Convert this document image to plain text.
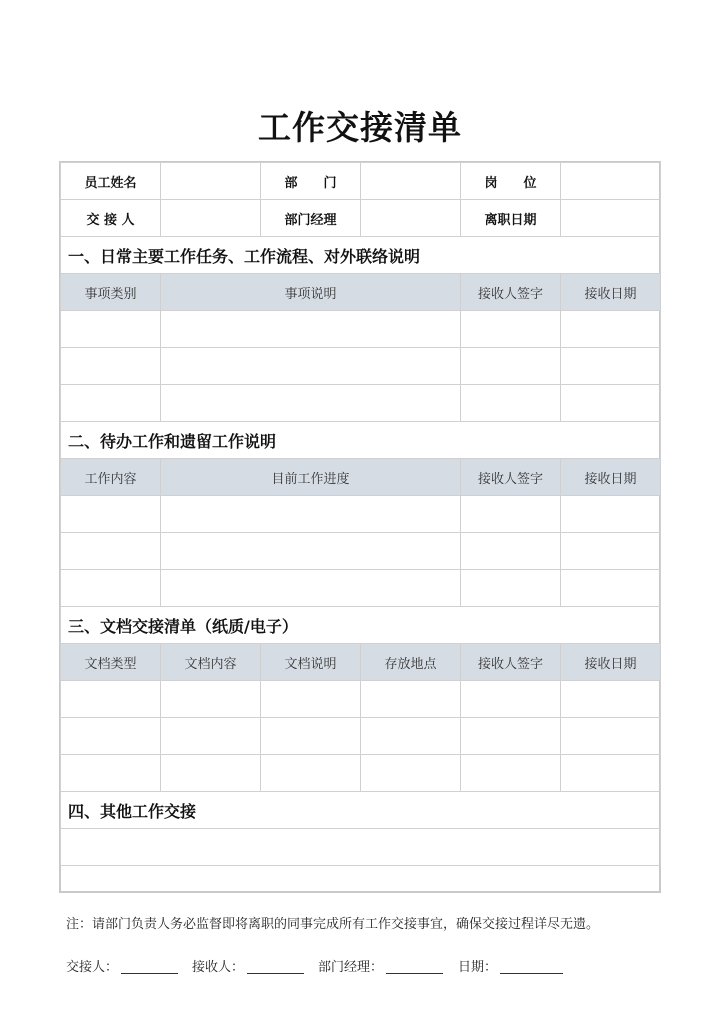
工作交接清单
员工姓名		部　　门		岗　　位	
交 接 人		部门经理		离职日期	
一、日常主要工作任务、工作流程、对外联络说明					
事项类别	事项说明			接收人签字	接收日期

二、待办工作和遗留工作说明					
工作内容	目前工作进度			接收人签字	接收日期

三、文档交接清单（纸质/电子）					
文档类型	文档内容	文档说明	存放地点	接收人签字	接收日期

四、其他工作交接					

注：请部门负责人务必监督即将离职的同事完成所有工作交接事宜，确保交接过程详尽无遗。
交接人：	接收人：	部门经理：	日期：
